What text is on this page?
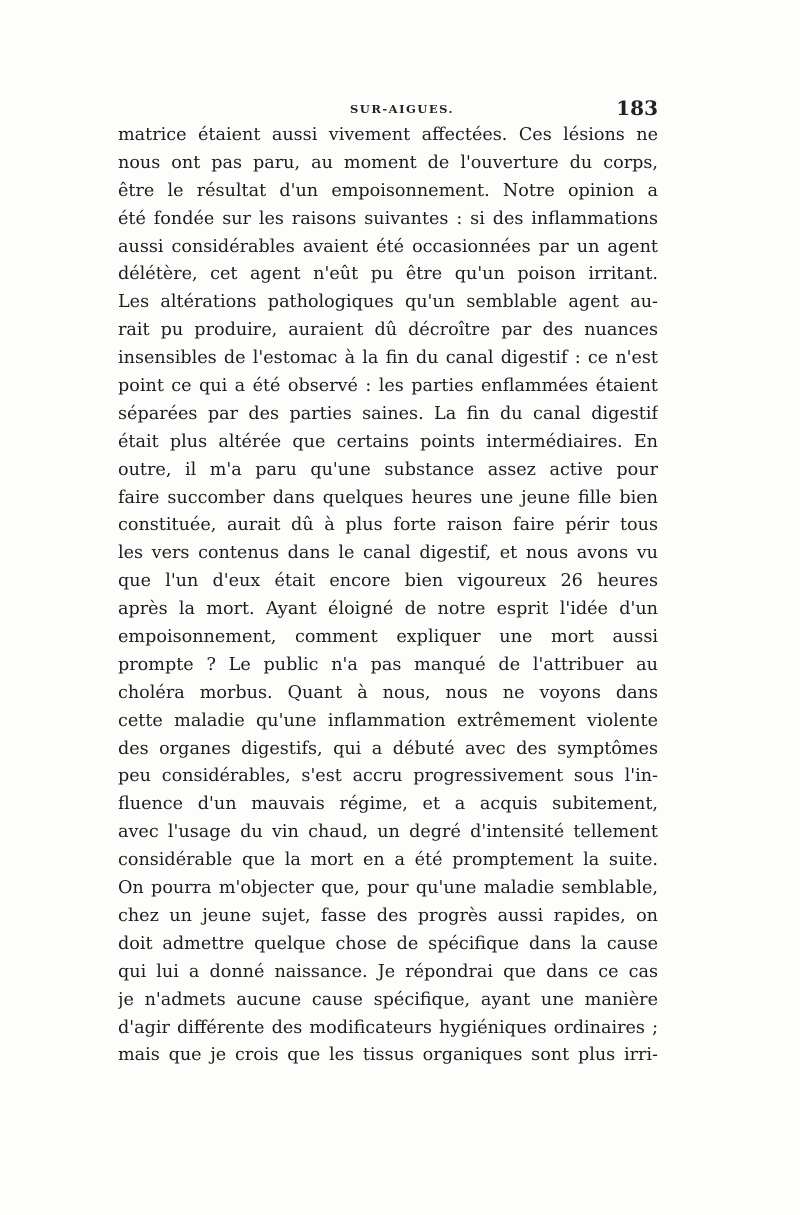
SUR-AIGUES.	183
matrice étaient aussi vivement affectées. Ces lésions ne
nous ont pas paru, au moment de l'ouverture du corps,
être le résultat d'un empoisonnement. Notre opinion a
été fondée sur les raisons suivantes : si des inflammations
aussi considérables avaient été occasionnées par un agent
délétère, cet agent n'eût pu être qu'un poison irritant.
Les altérations pathologiques qu'un semblable agent au-
rait pu produire, auraient dû décroître par des nuances
insensibles de l'estomac à la fin du canal digestif : ce n'est
point ce qui a été observé : les parties enflammées étaient
séparées par des parties saines. La fin du canal digestif
était plus altérée que certains points intermédiaires. En
outre, il m'a paru qu'une substance assez active pour
faire succomber dans quelques heures une jeune fille bien
constituée, aurait dû à plus forte raison faire périr tous
les vers contenus dans le canal digestif, et nous avons vu
que l'un d'eux était encore bien vigoureux 26 heures
après la mort. Ayant éloigné de notre esprit l'idée d'un
empoisonnement, comment expliquer une mort aussi
prompte ? Le public n'a pas manqué de l'attribuer au
choléra morbus. Quant à nous, nous ne voyons dans
cette maladie qu'une inflammation extrêmement violente
des organes digestifs, qui a débuté avec des symptômes
peu considérables, s'est accru progressivement sous l'in-
fluence d'un mauvais régime, et a acquis subitement,
avec l'usage du vin chaud, un degré d'intensité tellement
considérable que la mort en a été promptement la suite.
On pourra m'objecter que, pour qu'une maladie semblable,
chez un jeune sujet, fasse des progrès aussi rapides, on
doit admettre quelque chose de spécifique dans la cause
qui lui a donné naissance. Je répondrai que dans ce cas
je n'admets aucune cause spécifique, ayant une manière
d'agir différente des modificateurs hygiéniques ordinaires ;
mais que je crois que les tissus organiques sont plus irri-
